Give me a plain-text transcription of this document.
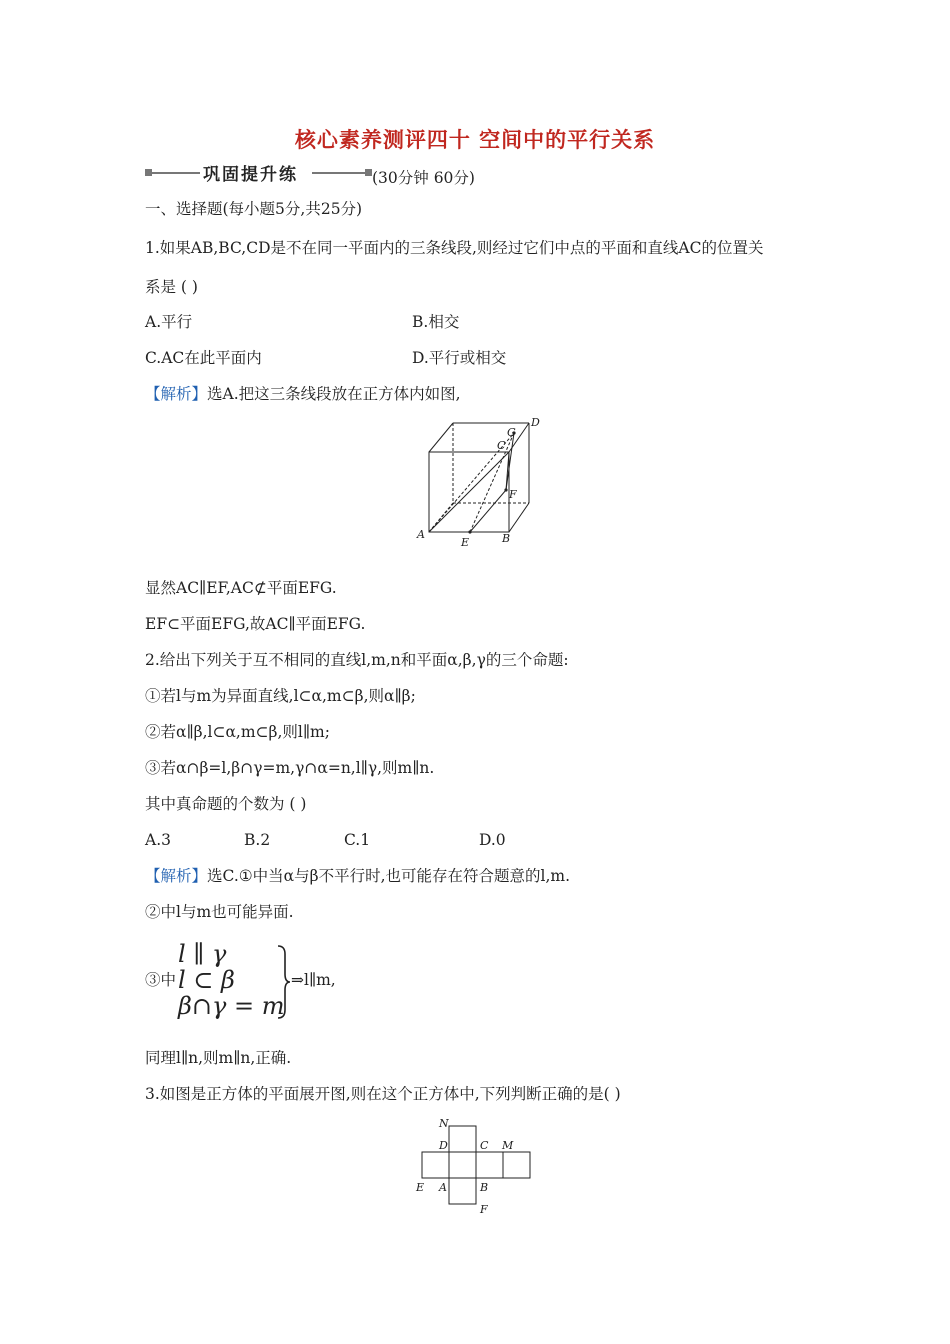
核心素养测评四十 空间中的平行关系
巩固提升练	(30分钟 60分)
一、选择题(每小题5分,共25分)
1.如果AB,BC,CD是不在同一平面内的三条线段,则经过它们中点的平面和直线AC的位置关
系是 ( )
A.平行	B.相交
C.AC在此平面内	D.平行或相交
【解析】选A.把这三条线段放在正方体内如图,
A	B
C
D
E
F
G
显然AC∥EF,AC⊄平面EFG.
EF⊂平面EFG,故AC∥平面EFG.
2.给出下列关于互不相同的直线l,m,n和平面α,β,γ的三个命题:
①若l与m为异面直线,l⊂α,m⊂β,则α∥β;
②若α∥β,l⊂α,m⊂β,则l∥m;
③若α∩β=l,β∩γ=m,γ∩α=n,l∥γ,则m∥n.
其中真命题的个数为 ( )
A.3	B.2	C.1	D.0
【解析】选C.①中当α与β不平行时,也可能存在符合题意的l,m.
②中l与m也可能异面.
③中
l ∥ γ
l ⊂ β
β∩γ = m
⇒l∥m,
同理l∥n,则m∥n,正确.
3.如图是正方体的平面展开图,则在这个正方体中,下列判断正确的是( )
N
D	C M
E A	B
F
